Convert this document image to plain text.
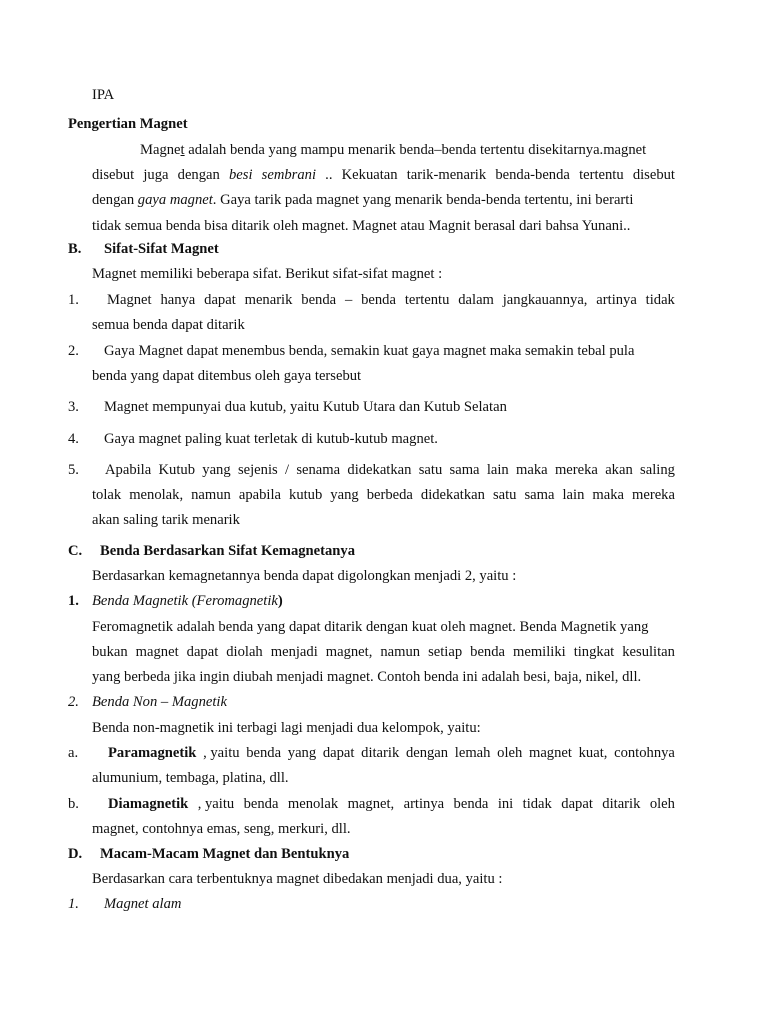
IPA
Pengertian Magnet
Magnet adalah benda yang mampu menarik benda–benda tertentu disekitarnya.magnet
disebut juga dengan besi sembrani .. Kekuatan tarik-menarik benda-benda tertentu disebut
dengan gaya magnet. Gaya tarik pada magnet yang menarik benda-benda tertentu, ini berarti
tidak semua benda bisa ditarik oleh magnet. Magnet atau Magnit berasal dari bahsa Yunani..
B. Sifat-Sifat Magnet
Magnet memiliki beberapa sifat. Berikut sifat-sifat magnet :
1. Magnet hanya dapat menarik benda – benda tertentu dalam jangkauannya, artinya tidak
semua benda dapat ditarik
2. Gaya Magnet dapat menembus benda, semakin kuat gaya magnet maka semakin tebal pula
benda yang dapat ditembus oleh gaya tersebut
3. Magnet mempunyai dua kutub, yaitu Kutub Utara dan Kutub Selatan
4. Gaya magnet paling kuat terletak di kutub-kutub magnet.
5. Apabila Kutub yang sejenis / senama didekatkan satu sama lain maka mereka akan saling
tolak menolak, namun apabila kutub yang berbeda didekatkan satu sama lain maka mereka
akan saling tarik menarik
C. Benda Berdasarkan Sifat Kemagnetanya
Berdasarkan kemagnetannya benda dapat digolongkan menjadi 2, yaitu :
1. Benda Magnetik (Feromagnetik)
Feromagnetik adalah benda yang dapat ditarik dengan kuat oleh magnet. Benda Magnetik yang
bukan magnet dapat diolah menjadi magnet, namun setiap benda memiliki tingkat kesulitan
yang berbeda jika ingin diubah menjadi magnet. Contoh benda ini adalah besi, baja, nikel, dll.
2. Benda Non – Magnetik
Benda non-magnetik ini terbagi lagi menjadi dua kelompok, yaitu:
a. Paramagnetik , yaitu benda yang dapat ditarik dengan lemah oleh magnet kuat, contohnya
alumunium, tembaga, platina, dll.
b. Diamagnetik , yaitu benda menolak magnet, artinya benda ini tidak dapat ditarik oleh
magnet, contohnya emas, seng, merkuri, dll.
D. Macam-Macam Magnet dan Bentuknya
Berdasarkan cara terbentuknya magnet dibedakan menjadi dua, yaitu :
1. Magnet alam
